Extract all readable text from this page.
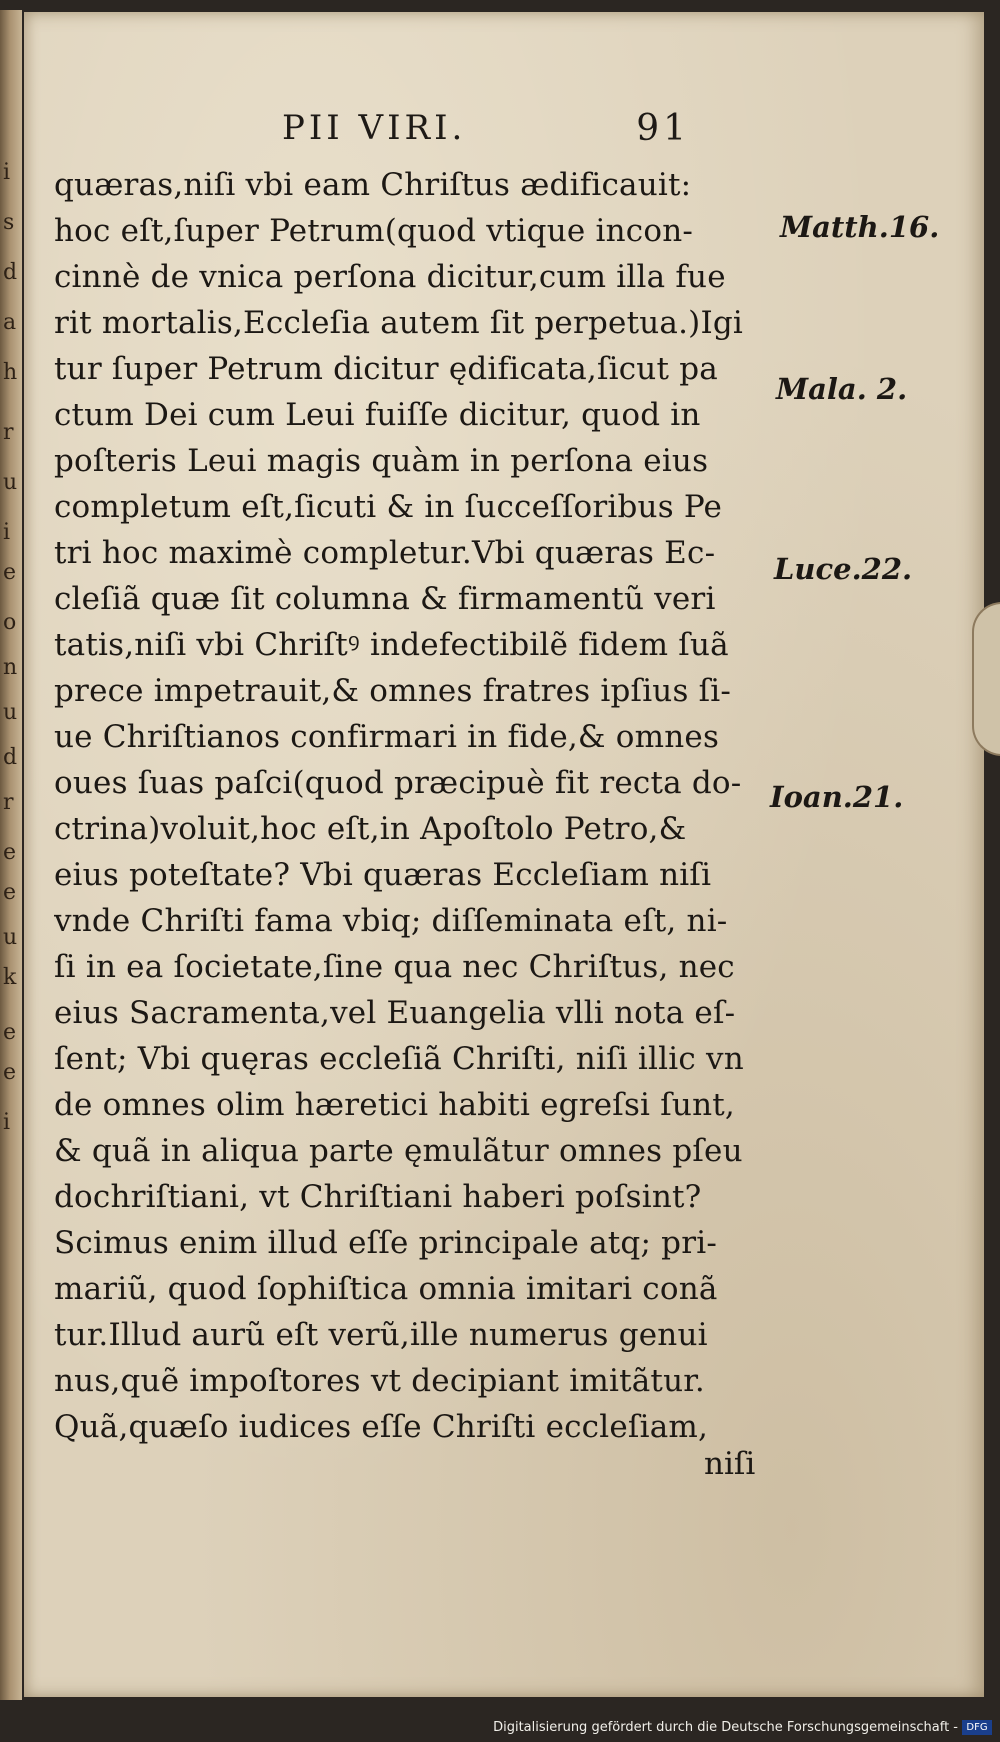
i
s
d
a
h
r
u
i
e
o
n
u
d
r
e
e
u
k
e
e
i
PII VIRI.	91
quæras,niſi vbi eam Chriſtus ædificauit:
hoc eſt,ſuper Petrum(quod vtique incon-
cinnè de vnica perſona dicitur,cum illa fue
rit mortalis,Eccleſia autem ſit perpetua.)Igi
tur ſuper Petrum dicitur ędificata,ſicut pa
ctum Dei cum Leui fuiſſe dicitur, quod in
poſteris Leui magis quàm in perſona eius
completum eſt,ſicuti & in ſucceſſoribus Pe
tri hoc maximè completur.Vbi quæras Ec-
cleſiã quæ ſit columna & firmamentũ veri
tatis,niſi vbi Chriſtꝰ indefectibilẽ fidem ſuã
prece impetrauit,& omnes fratres ipſius ſi-
ue Chriſtianos confirmari in fide,& omnes
oues ſuas paſci(quod præcipuè fit recta do-
ctrina)voluit,hoc eſt,in Apoſtolo Petro,&
eius poteſtate? Vbi quæras Eccleſiam niſi
vnde Chriſti fama vbiq; diſſeminata eſt, ni-
ſi in ea ſocietate,ſine qua nec Chriſtus, nec
eius Sacramenta,vel Euangelia vlli nota eſ-
ſent; Vbi quęras eccleſiã Chriſti, niſi illic vn
de omnes olim hæretici habiti egreſsi ſunt,
& quã in aliqua parte ęmulãtur omnes pſeu
dochriſtiani, vt Chriſtiani haberi poſsint?
Scimus enim illud eſſe principale atq; pri-
mariũ, quod ſophiſtica omnia imitari conã
tur.Illud aurũ eſt verũ,ille numerus genui
nus,quẽ impoſtores vt decipiant imitãtur.
Quã,quæſo iudices eſſe Chriſti eccleſiam,
niſi
Matth.16.
Mala. 2.
Luce.22.
Ioan.21.
Digitalisierung gefördert durch die Deutsche Forschungsgemeinschaft - DFG
